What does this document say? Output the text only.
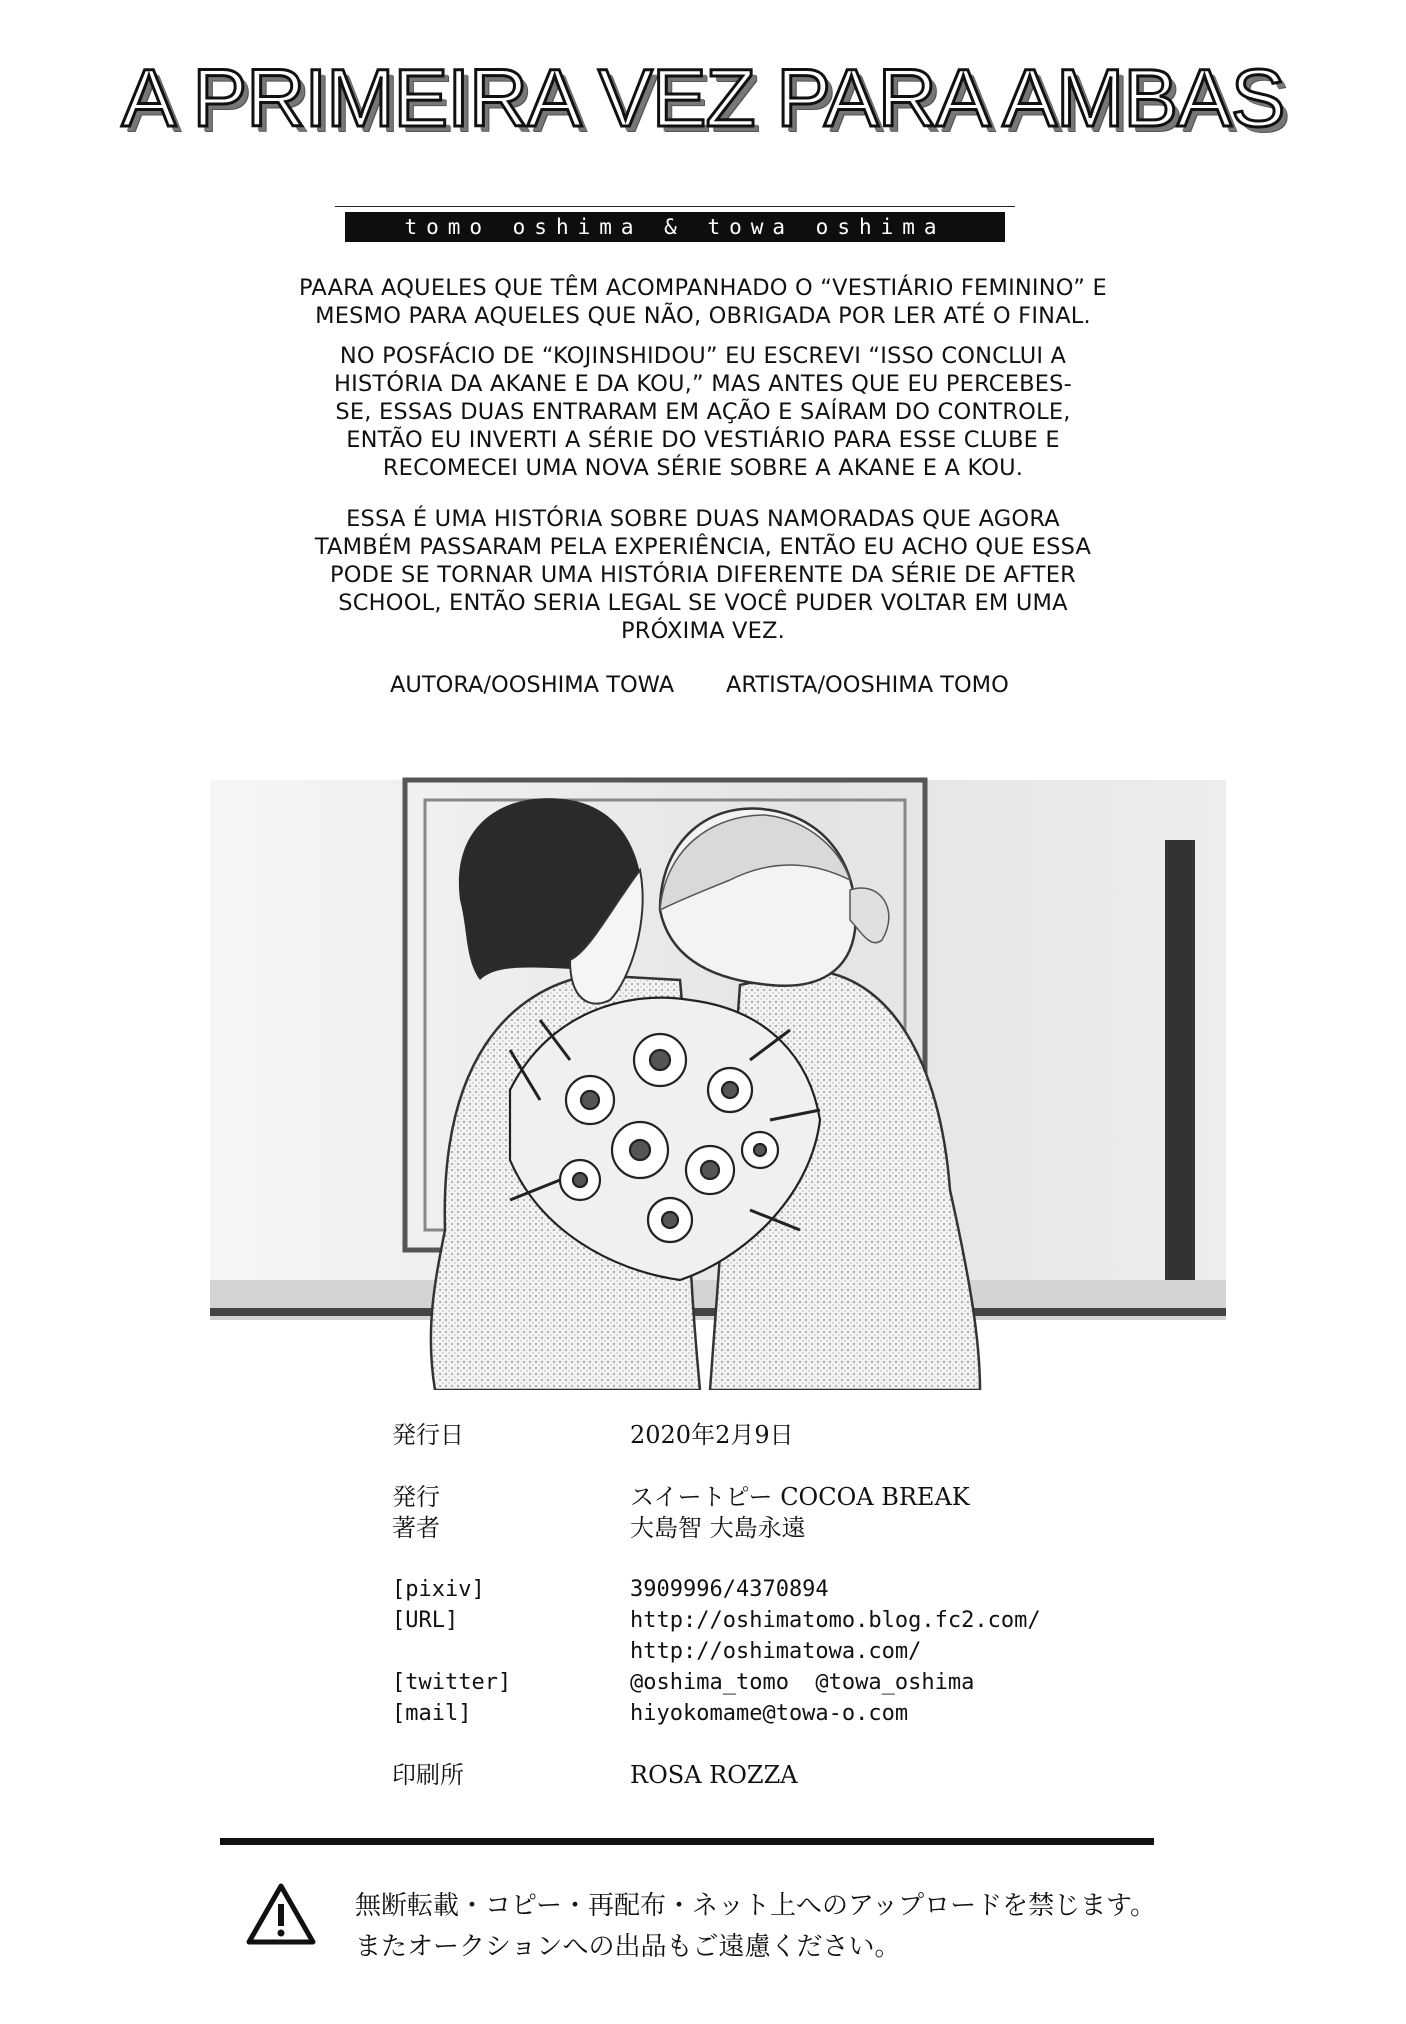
A PRIMEIRA VEZ PARA AMBAS
tomo oshima & towa oshima

PAARA AQUELES QUE TÊM ACOMPANHADO O “VESTIÁRIO FEMININO” E
MESMO PARA AQUELES QUE NÃO, OBRIGADA POR LER ATÉ O FINAL.

NO POSFÁCIO DE “KOJINSHIDOU” EU ESCREVI “ISSO CONCLUI A
HISTÓRIA DA AKANE E DA KOU,” MAS ANTES QUE EU PERCEBES-
SE, ESSAS DUAS ENTRARAM EM AÇÃO E SAÍRAM DO CONTROLE,
ENTÃO EU INVERTI A SÉRIE DO VESTIÁRIO PARA ESSE CLUBE E
RECOMECEI UMA NOVA SÉRIE SOBRE A AKANE E A KOU.

ESSA É UMA HISTÓRIA SOBRE DUAS NAMORADAS QUE AGORA
TAMBÉM PASSARAM PELA EXPERIÊNCIA, ENTÃO EU ACHO QUE ESSA
PODE SE TORNAR UMA HISTÓRIA DIFERENTE DA SÉRIE DE AFTER
SCHOOL, ENTÃO SERIA LEGAL SE VOCÊ PUDER VOLTAR EM UMA
PRÓXIMA VEZ.

AUTORA/OOSHIMA TOWA ARTISTA/OOSHIMA TOMO
発行日	2020年2月9日
発行	スイートピー COCOA BREAK
著者	大島智 大島永遠
[pixiv]	3909996/4370894
[URL]	http://oshimatomo.blog.fc2.com/
http://oshimatowa.com/
[twitter]	@oshima_tomo  @towa_oshima
[mail]	hiyokomame@towa-o.com
印刷所	ROSA ROZZA
無断転載・コピー・再配布・ネット上へのアップロードを禁じます。
またオークションへの出品もご遠慮ください。
